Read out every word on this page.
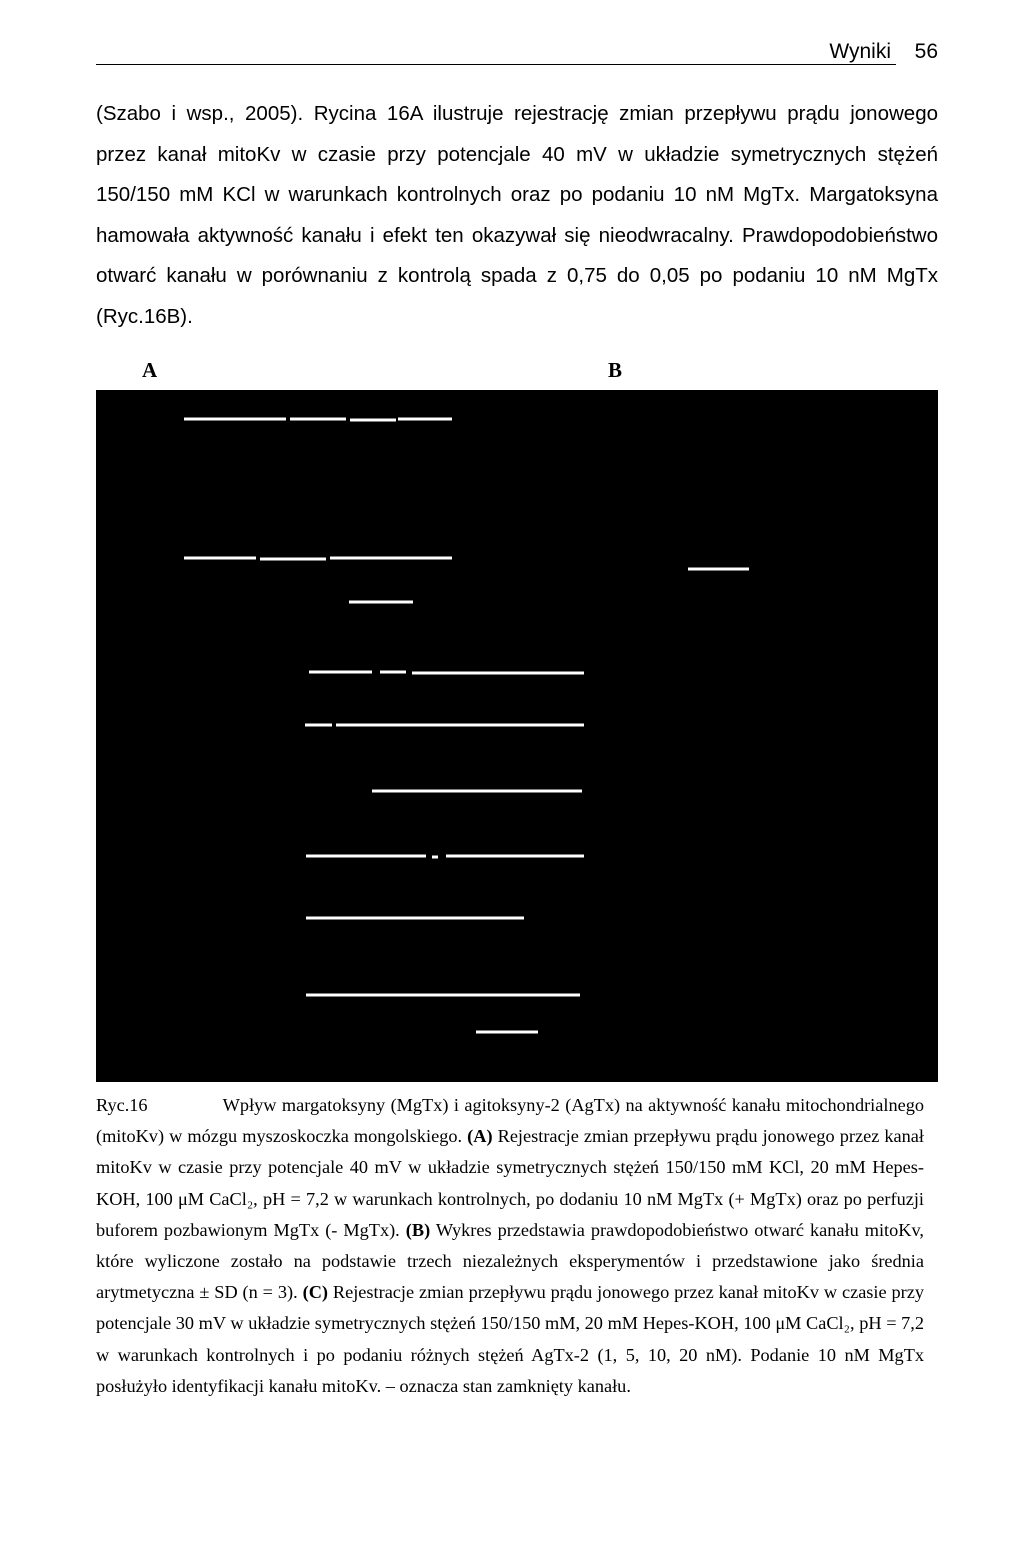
Wyniki 56

(Szabo i wsp., 2005). Rycina 16A ilustruje rejestrację zmian przepływu prądu jonowego przez kanał mitoKv w czasie przy potencjale 40 mV w układzie symetrycznych stężeń 150/150 mM KCl w warunkach kontrolnych oraz po podaniu 10 nM MgTx. Margatoksyna hamowała aktywność kanału i efekt ten okazywał się nieodwracalny. Prawdopodobieństwo otwarć kanału w porównaniu z kontrolą spada z 0,75 do 0,05 po podaniu 10 nM MgTx (Ryc.16B).

A	B

Ryc.16	Wpływ margatoksyny (MgTx) i agitoksyny-2 (AgTx) na aktywność kanału mitochondrialnego (mitoKv) w mózgu myszoskoczka mongolskiego. (A) Rejestracje zmian przepływu prądu jonowego przez kanał mitoKv w czasie przy potencjale 40 mV w układzie symetrycznych stężeń 150/150 mM KCl, 20 mM Hepes-KOH, 100 μM CaCl₂, pH = 7,2 w warunkach kontrolnych, po dodaniu 10 nM MgTx (+ MgTx) oraz po perfuzji buforem pozbawionym MgTx (- MgTx). (B) Wykres przedstawia prawdopodobieństwo otwarć kanału mitoKv, które wyliczone zostało na podstawie trzech niezależnych eksperymentów i przedstawione jako średnia arytmetyczna ± SD (n = 3). (C) Rejestracje zmian przepływu prądu jonowego przez kanał mitoKv w czasie przy potencjale 30 mV w układzie symetrycznych stężeń 150/150 mM, 20 mM Hepes-KOH, 100 μM CaCl₂, pH = 7,2 w warunkach kontrolnych i po podaniu różnych stężeń AgTx-2 (1, 5, 10, 20 nM). Podanie 10 nM MgTx posłużyło identyfikacji kanału mitoKv. – oznacza stan zamknięty kanału.
